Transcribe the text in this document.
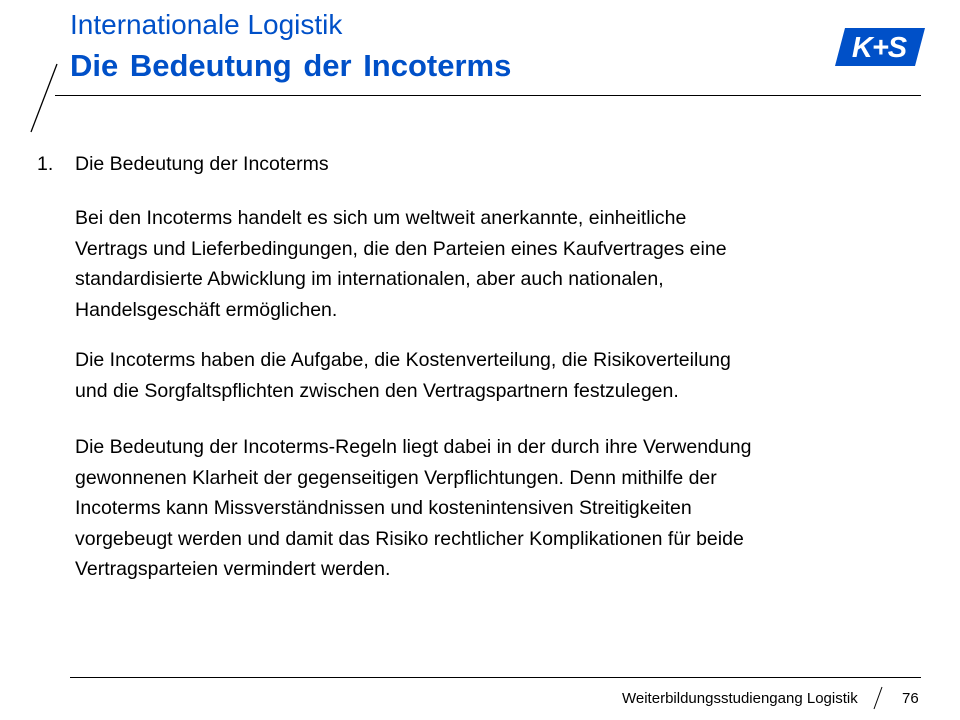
Internationale Logistik
Die Bedeutung der Incoterms	K+S
1. Die Bedeutung der Incoterms
Bei den Incoterms handelt es sich um weltweit anerkannte, einheitliche
Vertrags und Lieferbedingungen, die den Parteien eines Kaufvertrages eine
standardisierte Abwicklung im internationalen, aber auch nationalen,
Handelsgeschäft ermöglichen.
Die Incoterms haben die Aufgabe, die Kostenverteilung, die Risikoverteilung
und die Sorgfaltspflichten zwischen den Vertragspartnern festzulegen.
Die Bedeutung der Incoterms-Regeln liegt dabei in der durch ihre Verwendung
gewonnenen Klarheit der gegenseitigen Verpflichtungen. Denn mithilfe der
Incoterms kann Missverständnissen und kostenintensiven Streitigkeiten
vorgebeugt werden und damit das Risiko rechtlicher Komplikationen für beide
Vertragsparteien vermindert werden.
Weiterbildungsstudiengang Logistik	76
